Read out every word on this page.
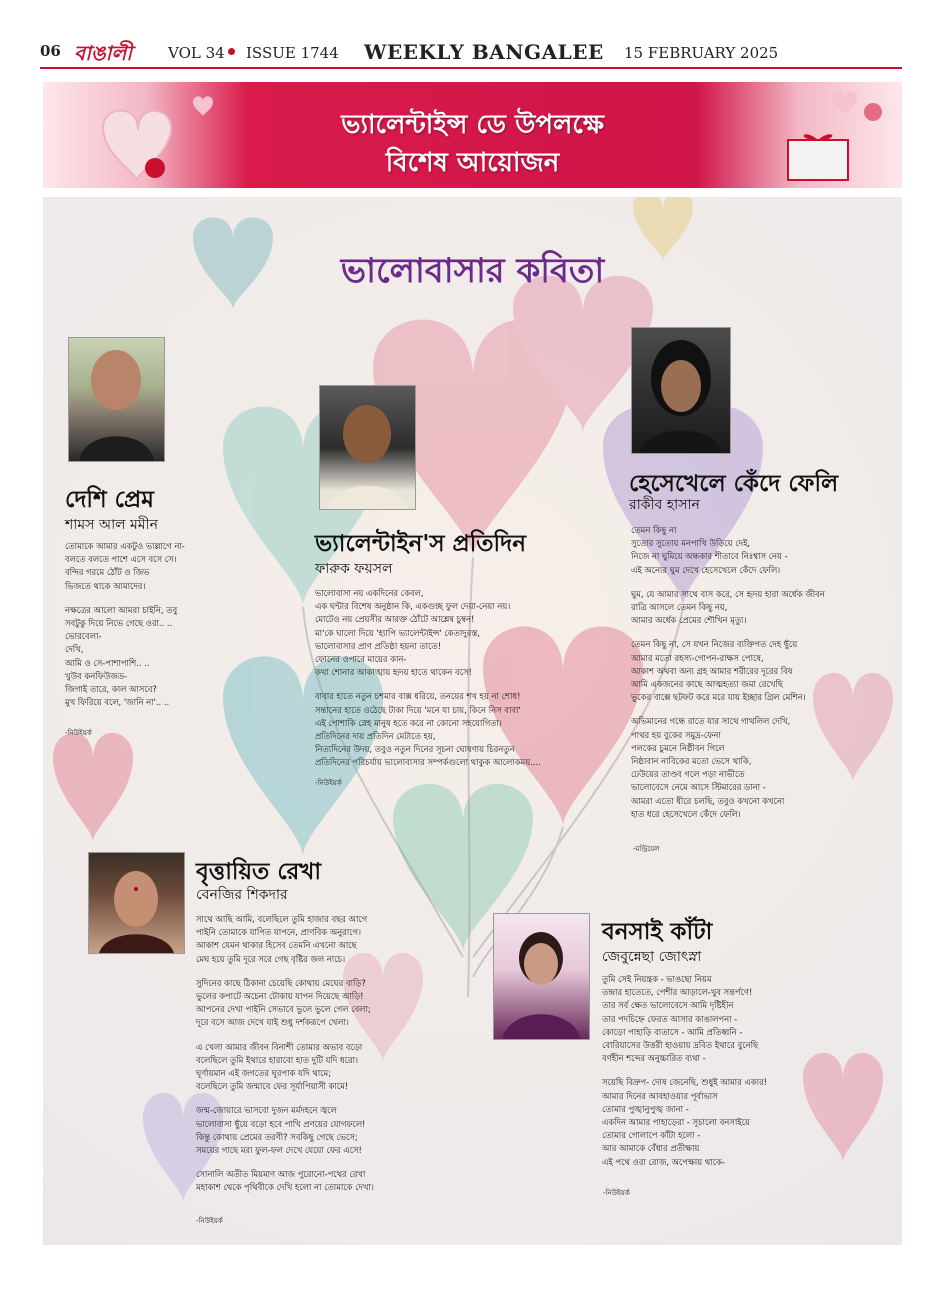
06 বাঙালী VOL 34 ISSUE 1744 WEEKLY BANGALEE 15 FEBRUARY 2025
ভ্যালেন্টাইন্স ডে উপলক্ষে
বিশেষ আয়োজন
ভালোবাসার কবিতা
দেশি প্রেম
শামস আল মমীন
তোমাকে আমার একটুও ভাল্লাগে না-
বলতে বলতে পাশে এসে বসে সে।
বন্দির গরমে ঠোঁট ও জিভ
ভিজতে থাকে আমাদের।
নক্ষত্রের আলো আমরা চাইনি, তবু
সবটুকু দিয়ে নিভে গেছে ওরা.. ..
ভোরবেলা-
দেখি,
আমি ও সে-পাশাপাশি.. ..
খুউব কনফিউজড-
জিগাই তারে, কাল আসবে?
মুখ ফিরিয়ে বলে, 'জানি না'.. ..
-নিউইয়র্ক
ভ্যালেন্টাইন'স প্রতিদিন
ফারুক ফয়সল
ভালোবাসা নয় একদিনের কেবল,
এক ঘন্টার বিশেষ অনুষ্ঠান কি, একগুচ্ছ ফুল দেয়া-নেয়া নয়।
মোটেও নয় প্রেয়সীর আরক্ত ঠোঁটে আশ্লেষ চুম্বন!
মা'কে ঘালো দিয়ে 'হ্যাপি ভ্যালেন্টাইন্স' কেতাদুরস্ত,
ভালোবাসার প্রাণ প্রতিষ্ঠা হয়না তাতে!
ফোনের ওপারে মায়ের কান-
কথা শোনার আকাঙ্খায় হৃদয় হাতে থাকেন বসে!
বাবার হাতে নতুন চশমার বাক্স ধরিয়ে, তনয়ের শখ হয় না শোধ!
সন্তানের হাতে ওঠেছে টাকা দিয়ে 'মনে যা চায়, কিনে নিস বাবা'
এই পোশাকি স্নেহ মানুষ হতে করে না কোনো সহযোগিতা।
প্রতিদিনের দায় প্রতিদিন মেটাতে হয়,
নিত্যদিনের উদয়, তবুও নতুন দিনের সূচনা ঘোষণায় চিরনতুন
প্রতিদিনের পরিচর্যায় ভালোবাসার সম্পর্কগুলো থাকুক আলোকময়....
-নিউইয়র্ক
হেসেখেলে কেঁদে ফেলি
রাকীব হাসান
তেমন কিছু না
সুতোর সুতোয় মনপাখি উড়িয়ে দেই,
নিজে না ঘুমিয়ে অন্ধকার শীতাবে নিঃশ্বাস নেয় -
এই অন্যের ঘুম দেখে হেসেখেলে কেঁদে ফেলি।
ঘুম, যে আমার সাথে বাস করে, সে হৃদয় হারা অর্ধেক জীবন
রাত্রি আসলে তেমন কিছু নয়,
আমার অর্ধেক প্রেমের শৌখিন মৃত্যু।
তেমন কিছু না, সে যখন নিজের ব্যক্তিগত দেহ ছুঁয়ে
আমার মতো রহস্য-গোপন-রাক্ষস পোষে,
আকাশ অথবা অন্য গ্রহ আমার শরীরের দূরের বিষ
আমি একজনের কাছে আত্মহত্যা জমা রেখেছি
ভুকের বাক্সে ছটফট করে মরে যায় ইচ্ছার গ্রিল মেশিন।
অভিমানের গন্ধে রাতে যার সাথে গাথলিল দেখি,
পাথর হয় বুকের সমুদ্র-ফেনা
পলকের চুমনে নিষ্ঠীবন গিলে
নিষ্ঠাবান নাবিকের মতো ভেসে থাকি,
ঢেউয়ের তাণ্ডব গলে পড়া নাভীতে
ভালোবেসে নেমে আসে স্টিমারের ডানা -
আমরা এতো ধীরে চলছি, তবুও কখনো কখনো
হাত ধরে হেসেখেলে কেঁদে ফেলি।
-মন্ট্রিয়েল
বৃত্তায়িত রেখা
বেনজির শিকদার
সাথে আছি আমি, বলেছিলে তুমি হাজার বছর আগে
পাইনি তোমাকে যাপিত যাপনে, প্রাণবিক অনুরাগে।
আকাশ যেমন থাকার হিসেব তেমনি এখনো আছে
মেঘ হয়ে তুমি দূরে সরে গেছ বৃষ্টির জল নাচে।
সুদিনের কাছে ঠিকানা চেয়েছি কোথায় মেঘের বাড়ি?
ভুলের কপাটে অচেনা টোকায় যাপন দিয়েছে আড়ি!
আপনের দেখা পাইনি সেভাবে ভুলে ভুলে গেল বেলা;
দূরে বসে আজ দেখে যাই শুধু দর্শকরূপে খেলা।
এ খেলা আমার জীবন বিনাশী তোমার অভাব বড়ো
বলেছিলে তুমি ইথারে হারাবো হাত দুটি যদি ধরো।
ঘূর্ণায়মান এই জগতের ঘূরপাক যদি থামে;
বলেছিলে তুমি জন্মাবে ফের সূর্যাপিয়াসী কামে!
জন্ম-জোয়ারে ভাসবো দুজন মর্মদহনে জ্বলে
ভালোবাসা ছুঁয়ে বড়ো হবে পাখি প্রণয়ের যোগফলে!
কিন্তু কোথায় প্রেমের তরণী? সবকিছু গেছে ভেসে;
সময়ের গাছে মরা ফুল-ফল দেখে যেয়ো ফের এসে!
সোনালি অতীত মিয়মাণ আজ পুরোনো-পথের রেখা
মহাকাশ থেকে পৃথিবীকে দেখি হলো না তোমাকে দেখা।
-নিউইয়র্ক
বনসাই কাঁটা
জেবুন্নেছা জোৎস্না
তুমি সেই নিয়ন্ত্রক - ভাঙছো নিয়ম
তন্দ্রার হাতেতে, পেশীর আড়ালে-খুব সন্তর্পণে!
তার সর্ব ক্ষেত ভালোবেসে আমি দৃষ্টিহীন
তার পদচিহ্নে ফেরত আসার কাঙালপনা -
কোড়ো পাহাড়ি বাতাসে - আমি প্রতিধ্বনি -
বোরিয়াসের উত্তরী হাওয়ায় দ্রবিত ইথারে বুনেছি
বর্ণহীন শব্দের অনুচ্চারিত ব্যথা -
সয়েছি বিদ্রুপ- দোষ জেনেছি, শুধুই আমার একার!
আমার দিনের আবহাওয়ার পূর্বাভাস
তোমার পুঙ্খানুপুঙ্খ জানা -
একদিন আমার পাহাড়েরা - সূচালো বনসাইয়ে
তোমার গোলাপে কাঁটা হলো -
আর আমাকে বেঁধার প্রতীক্ষায়
এই পথে ওরা রোজ, অপেক্ষায় থাকে-
-নিউইয়র্ক
